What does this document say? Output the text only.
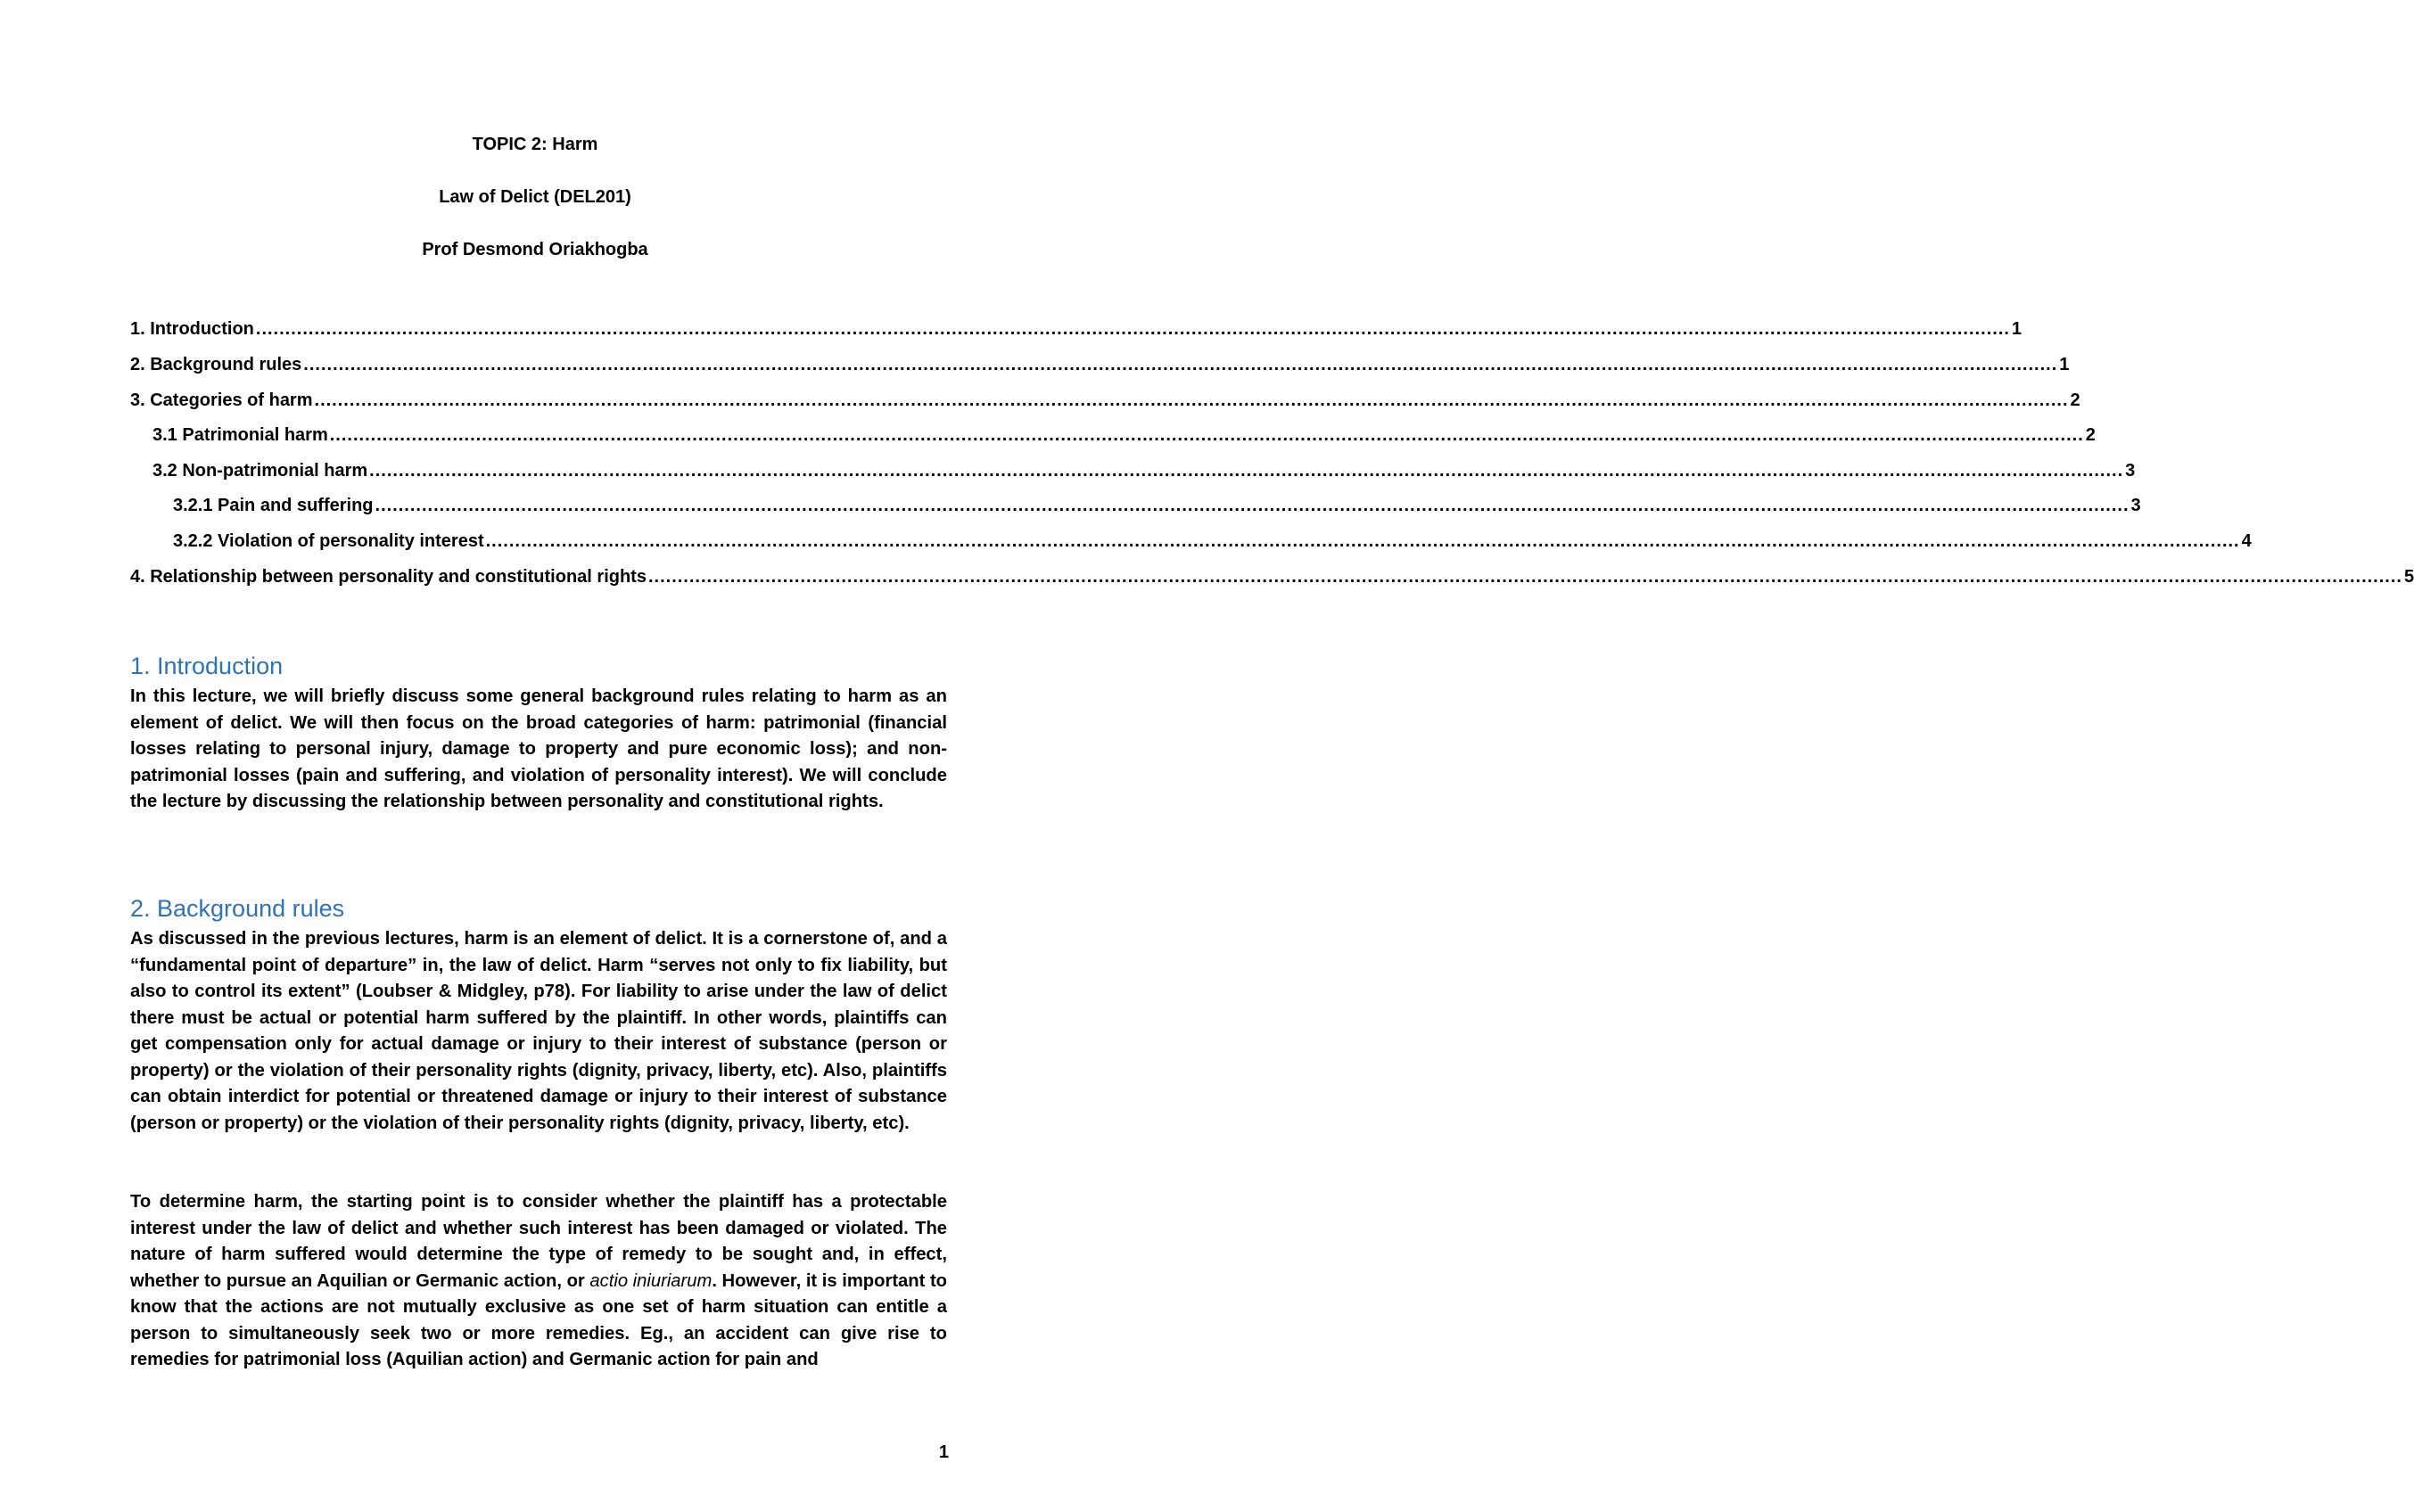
TOPIC 2: Harm
Law of Delict (DEL201)
Prof Desmond Oriakhogba
1. Introduction ............................................................................................................................................................................................................................................................................................................ 1
2. Background rules ............................................................................................................................................................................................................................................................................................................ 1
3. Categories of harm ............................................................................................................................................................................................................................................................................................................ 2
3.1 Patrimonial harm ............................................................................................................................................................................................................................................................................................................ 2
3.2 Non-patrimonial harm ............................................................................................................................................................................................................................................................................................................ 3
3.2.1 Pain and suffering ............................................................................................................................................................................................................................................................................................................ 3
3.2.2 Violation of personality interest ............................................................................................................................................................................................................................................................................................................ 4
4. Relationship between personality and constitutional rights ............................................................................................................................................................................................................................................................................................................ 5
1. Introduction

In this lecture, we will briefly discuss some general background rules relating to harm as an element of delict. We will then focus on the broad categories of harm: patrimonial (financial losses relating to personal injury, damage to property and pure economic loss); and non-patrimonial losses (pain and suffering, and violation of personality interest). We will conclude the lecture by discussing the relationship between personality and constitutional rights.

2. Background rules

As discussed in the previous lectures, harm is an element of delict. It is a cornerstone of, and a “fundamental point of departure” in, the law of delict. Harm “serves not only to fix liability, but also to control its extent” (Loubser & Midgley, p78). For liability to arise under the law of delict there must be actual or potential harm suffered by the plaintiff. In other words, plaintiffs can get compensation only for actual damage or injury to their interest of substance (person or property) or the violation of their personality rights (dignity, privacy, liberty, etc). Also, plaintiffs can obtain interdict for potential or threatened damage or injury to their interest of substance (person or property) or the violation of their personality rights (dignity, privacy, liberty, etc).

To determine harm, the starting point is to consider whether the plaintiff has a protectable interest under the law of delict and whether such interest has been damaged or violated. The nature of harm suffered would determine the type of remedy to be sought and, in effect, whether to pursue an Aquilian or Germanic action, or actio iniuriarum. However, it is important to know that the actions are not mutually exclusive as one set of harm situation can entitle a person to simultaneously seek two or more remedies. Eg., an accident can give rise to remedies for patrimonial loss (Aquilian action) and Germanic action for pain and

1
